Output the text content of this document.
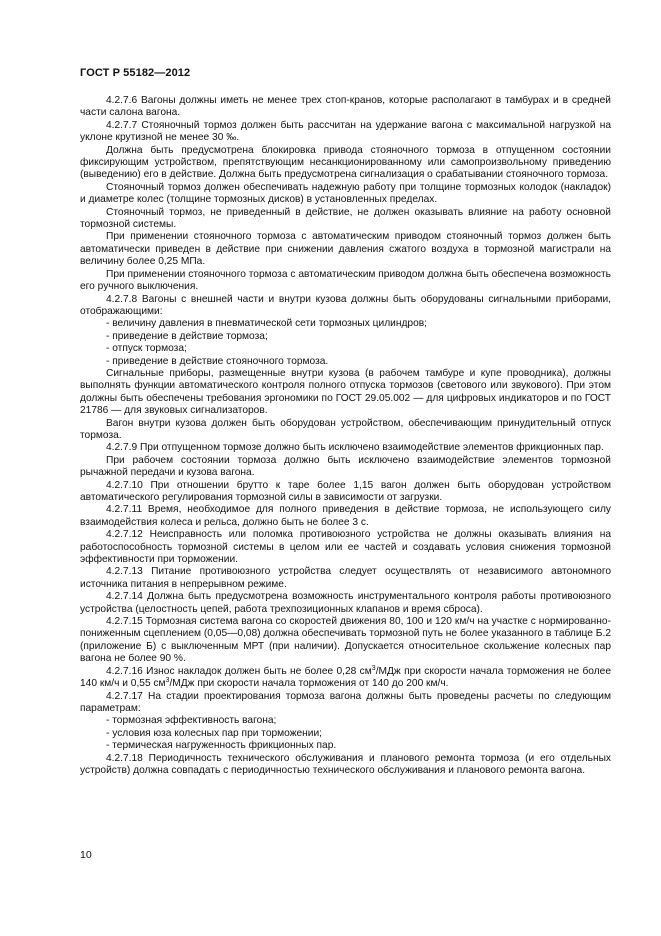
ГОСТ Р 55182—2012

4.2.7.6 Вагоны должны иметь не менее трех стоп-кранов, которые располагают в тамбурах и в средней части салона вагона.

4.2.7.7 Стояночный тормоз должен быть рассчитан на удержание вагона с максимальной нагрузкой на уклоне крутизной не менее 30 ‰.

Должна быть предусмотрена блокировка привода стояночного тормоза в отпущенном состоянии фиксирующим устройством, препятствующим несанкционированному или самопроизвольному приведению (выведению) его в действие. Должна быть предусмотрена сигнализация о срабатывании стояночного тормоза.

Стояночный тормоз должен обеспечивать надежную работу при толщине тормозных колодок (накладок) и диаметре колес (толщине тормозных дисков) в установленных пределах.

Стояночный тормоз, не приведенный в действие, не должен оказывать влияние на работу основной тормозной системы.

При применении стояночного тормоза с автоматическим приводом стояночный тормоз должен быть автоматически приведен в действие при снижении давления сжатого воздуха в тормозной магистрали на величину более 0,25 МПа.

При применении стояночного тормоза с автоматическим приводом должна быть обеспечена возможность его ручного выключения.

4.2.7.8 Вагоны с внешней части и внутри кузова должны быть оборудованы сигнальными приборами, отображающими:

- величину давления в пневматической сети тормозных цилиндров;
- приведение в действие тормоза;
- отпуск тормоза;
- приведение в действие стояночного тормоза.

Сигнальные приборы, размещенные внутри кузова (в рабочем тамбуре и купе проводника), должны выполнять функции автоматического контроля полного отпуска тормозов (светового или звукового). При этом должны быть обеспечены требования эргономики по ГОСТ 29.05.002 — для цифровых индикаторов и по ГОСТ 21786 — для звуковых сигнализаторов.

Вагон внутри кузова должен быть оборудован устройством, обеспечивающим принудительный отпуск тормоза.

4.2.7.9 При отпущенном тормозе должно быть исключено взаимодействие элементов фрикционных пар.

При рабочем состоянии тормоза должно быть исключено взаимодействие элементов тормозной рычажной передачи и кузова вагона.

4.2.7.10 При отношении брутто к таре более 1,15 вагон должен быть оборудован устройством автоматического регулирования тормозной силы в зависимости от загрузки.

4.2.7.11 Время, необходимое для полного приведения в действие тормоза, не использующего силу взаимодействия колеса и рельса, должно быть не более 3 с.

4.2.7.12 Неисправность или поломка противоюзного устройства не должны оказывать влияния на работоспособность тормозной системы в целом или ее частей и создавать условия снижения тормозной эффективности при торможении.

4.2.7.13 Питание противоюзного устройства следует осуществлять от независимого автономного источника питания в непрерывном режиме.

4.2.7.14 Должна быть предусмотрена возможность инструментального контроля работы противоюзного устройства (целостность цепей, работа трехпозиционных клапанов и время сброса).

4.2.7.15 Тормозная система вагона со скоростей движения 80, 100 и 120 км/ч на участке с нормированно-пониженным сцеплением (0,05—0,08) должна обеспечивать тормозной путь не более указанного в таблице Б.2 (приложение Б) с выключенным МРТ (при наличии). Допускается относительное скольжение колесных пар вагона не более 90 %.

4.2.7.16 Износ накладок должен быть не более 0,28 $см^3$/МДж при скорости начала торможения не более 140 км/ч и 0,55 $см^3$/МДж при скорости начала торможения от 140 до 200 км/ч.

4.2.7.17 На стадии проектирования тормоза вагона должны быть проведены расчеты по следующим параметрам:

- тормозная эффективность вагона;
- условия юза колесных пар при торможении;
- термическая нагруженность фрикционных пар.

4.2.7.18 Периодичность технического обслуживания и планового ремонта тормоза (и его отдельных устройств) должна совпадать с периодичностью технического обслуживания и планового ремонта вагона.

10
